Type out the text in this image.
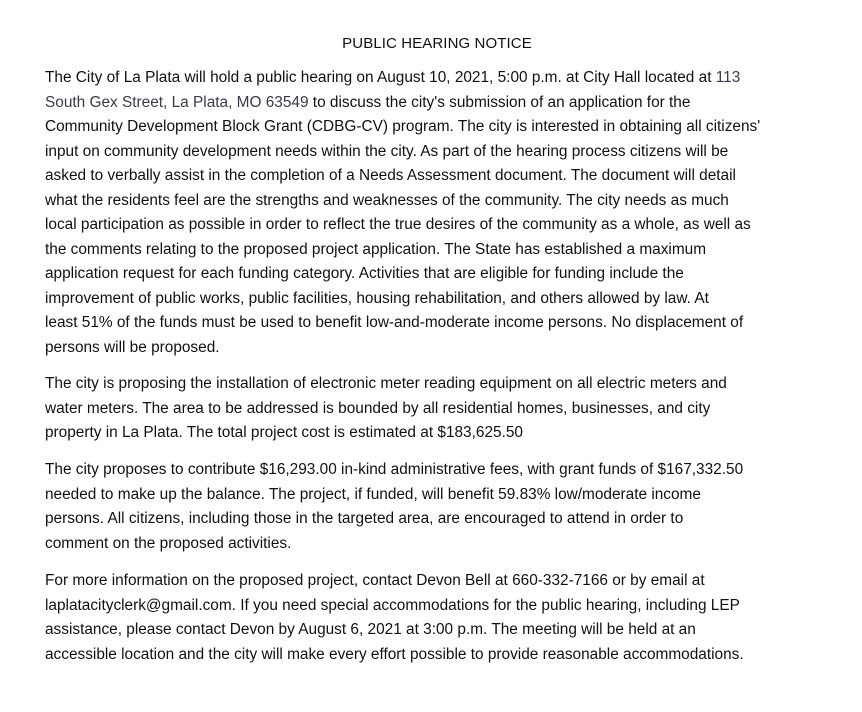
PUBLIC HEARING NOTICE

The City of La Plata will hold a public hearing on August 10, 2021, 5:00 p.m. at City Hall located at 113
South Gex Street, La Plata, MO 63549 to discuss the city's submission of an application for the
Community Development Block Grant (CDBG-CV) program. The city is interested in obtaining all citizens'
input on community development needs within the city. As part of the hearing process citizens will be
asked to verbally assist in the completion of a Needs Assessment document. The document will detail
what the residents feel are the strengths and weaknesses of the community. The city needs as much
local participation as possible in order to reflect the true desires of the community as a whole, as well as
the comments relating to the proposed project application. The State has established a maximum
application request for each funding category. Activities that are eligible for funding include the
improvement of public works, public facilities, housing rehabilitation, and others allowed by law. At
least 51% of the funds must be used to benefit low-and-moderate income persons. No displacement of
persons will be proposed.

The city is proposing the installation of electronic meter reading equipment on all electric meters and
water meters. The area to be addressed is bounded by all residential homes, businesses, and city
property in La Plata. The total project cost is estimated at $183,625.50

The city proposes to contribute $16,293.00 in-kind administrative fees, with grant funds of $167,332.50
needed to make up the balance. The project, if funded, will benefit 59.83% low/moderate income
persons. All citizens, including those in the targeted area, are encouraged to attend in order to
comment on the proposed activities.

For more information on the proposed project, contact Devon Bell at 660-332-7166 or by email at
laplatacityclerk@gmail.com. If you need special accommodations for the public hearing, including LEP
assistance, please contact Devon by August 6, 2021 at 3:00 p.m. The meeting will be held at an
accessible location and the city will make every effort possible to provide reasonable accommodations.
